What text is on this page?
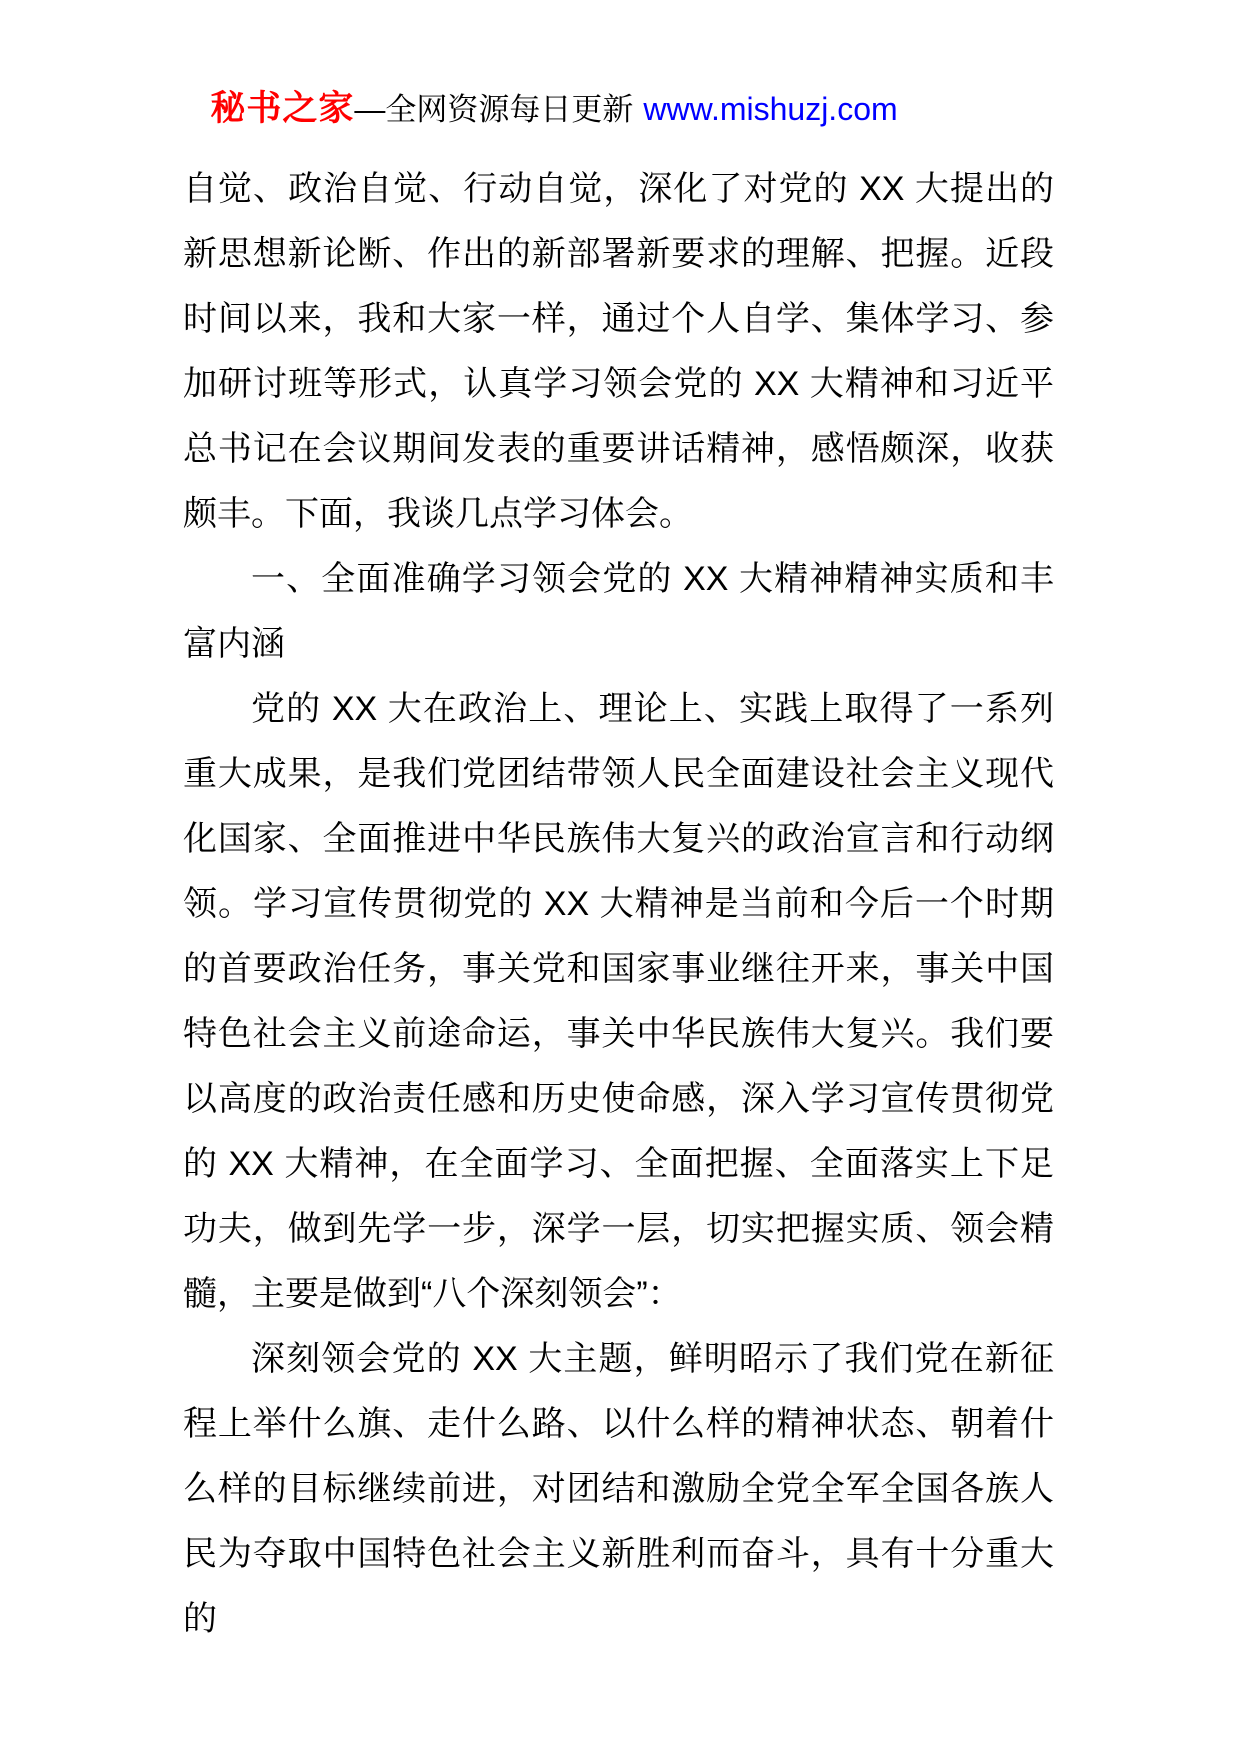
秘书之家—全网资源每日更新 www.mishuzj.com

自觉、政治自觉、行动自觉，深化了对党的 XX 大提出的新思想新论断、作出的新部署新要求的理解、把握。近段时间以来，我和大家一样，通过个人自学、集体学习、参加研讨班等形式，认真学习领会党的 XX 大精神和习近平总书记在会议期间发表的重要讲话精神，感悟颇深，收获颇丰。下面，我谈几点学习体会。

一、全面准确学习领会党的 XX 大精神精神实质和丰富内涵

党的 XX 大在政治上、理论上、实践上取得了一系列重大成果，是我们党团结带领人民全面建设社会主义现代化国家、全面推进中华民族伟大复兴的政治宣言和行动纲领。学习宣传贯彻党的 XX 大精神是当前和今后一个时期的首要政治任务，事关党和国家事业继往开来，事关中国特色社会主义前途命运，事关中华民族伟大复兴。我们要以高度的政治责任感和历史使命感，深入学习宣传贯彻党的 XX 大精神，在全面学习、全面把握、全面落实上下足功夫，做到先学一步，深学一层，切实把握实质、领会精髓，主要是做到“八个深刻领会”：​

深刻领会党的 XX 大主题，鲜明昭示了我们党在新征程上举什么旗、走什么路、以什么样的精神状态、朝着什么样的目标继续前进，对团结和激励全党全军全国各族人民为夺取中国特色社会主义新胜利而奋斗，具有十分重大的
